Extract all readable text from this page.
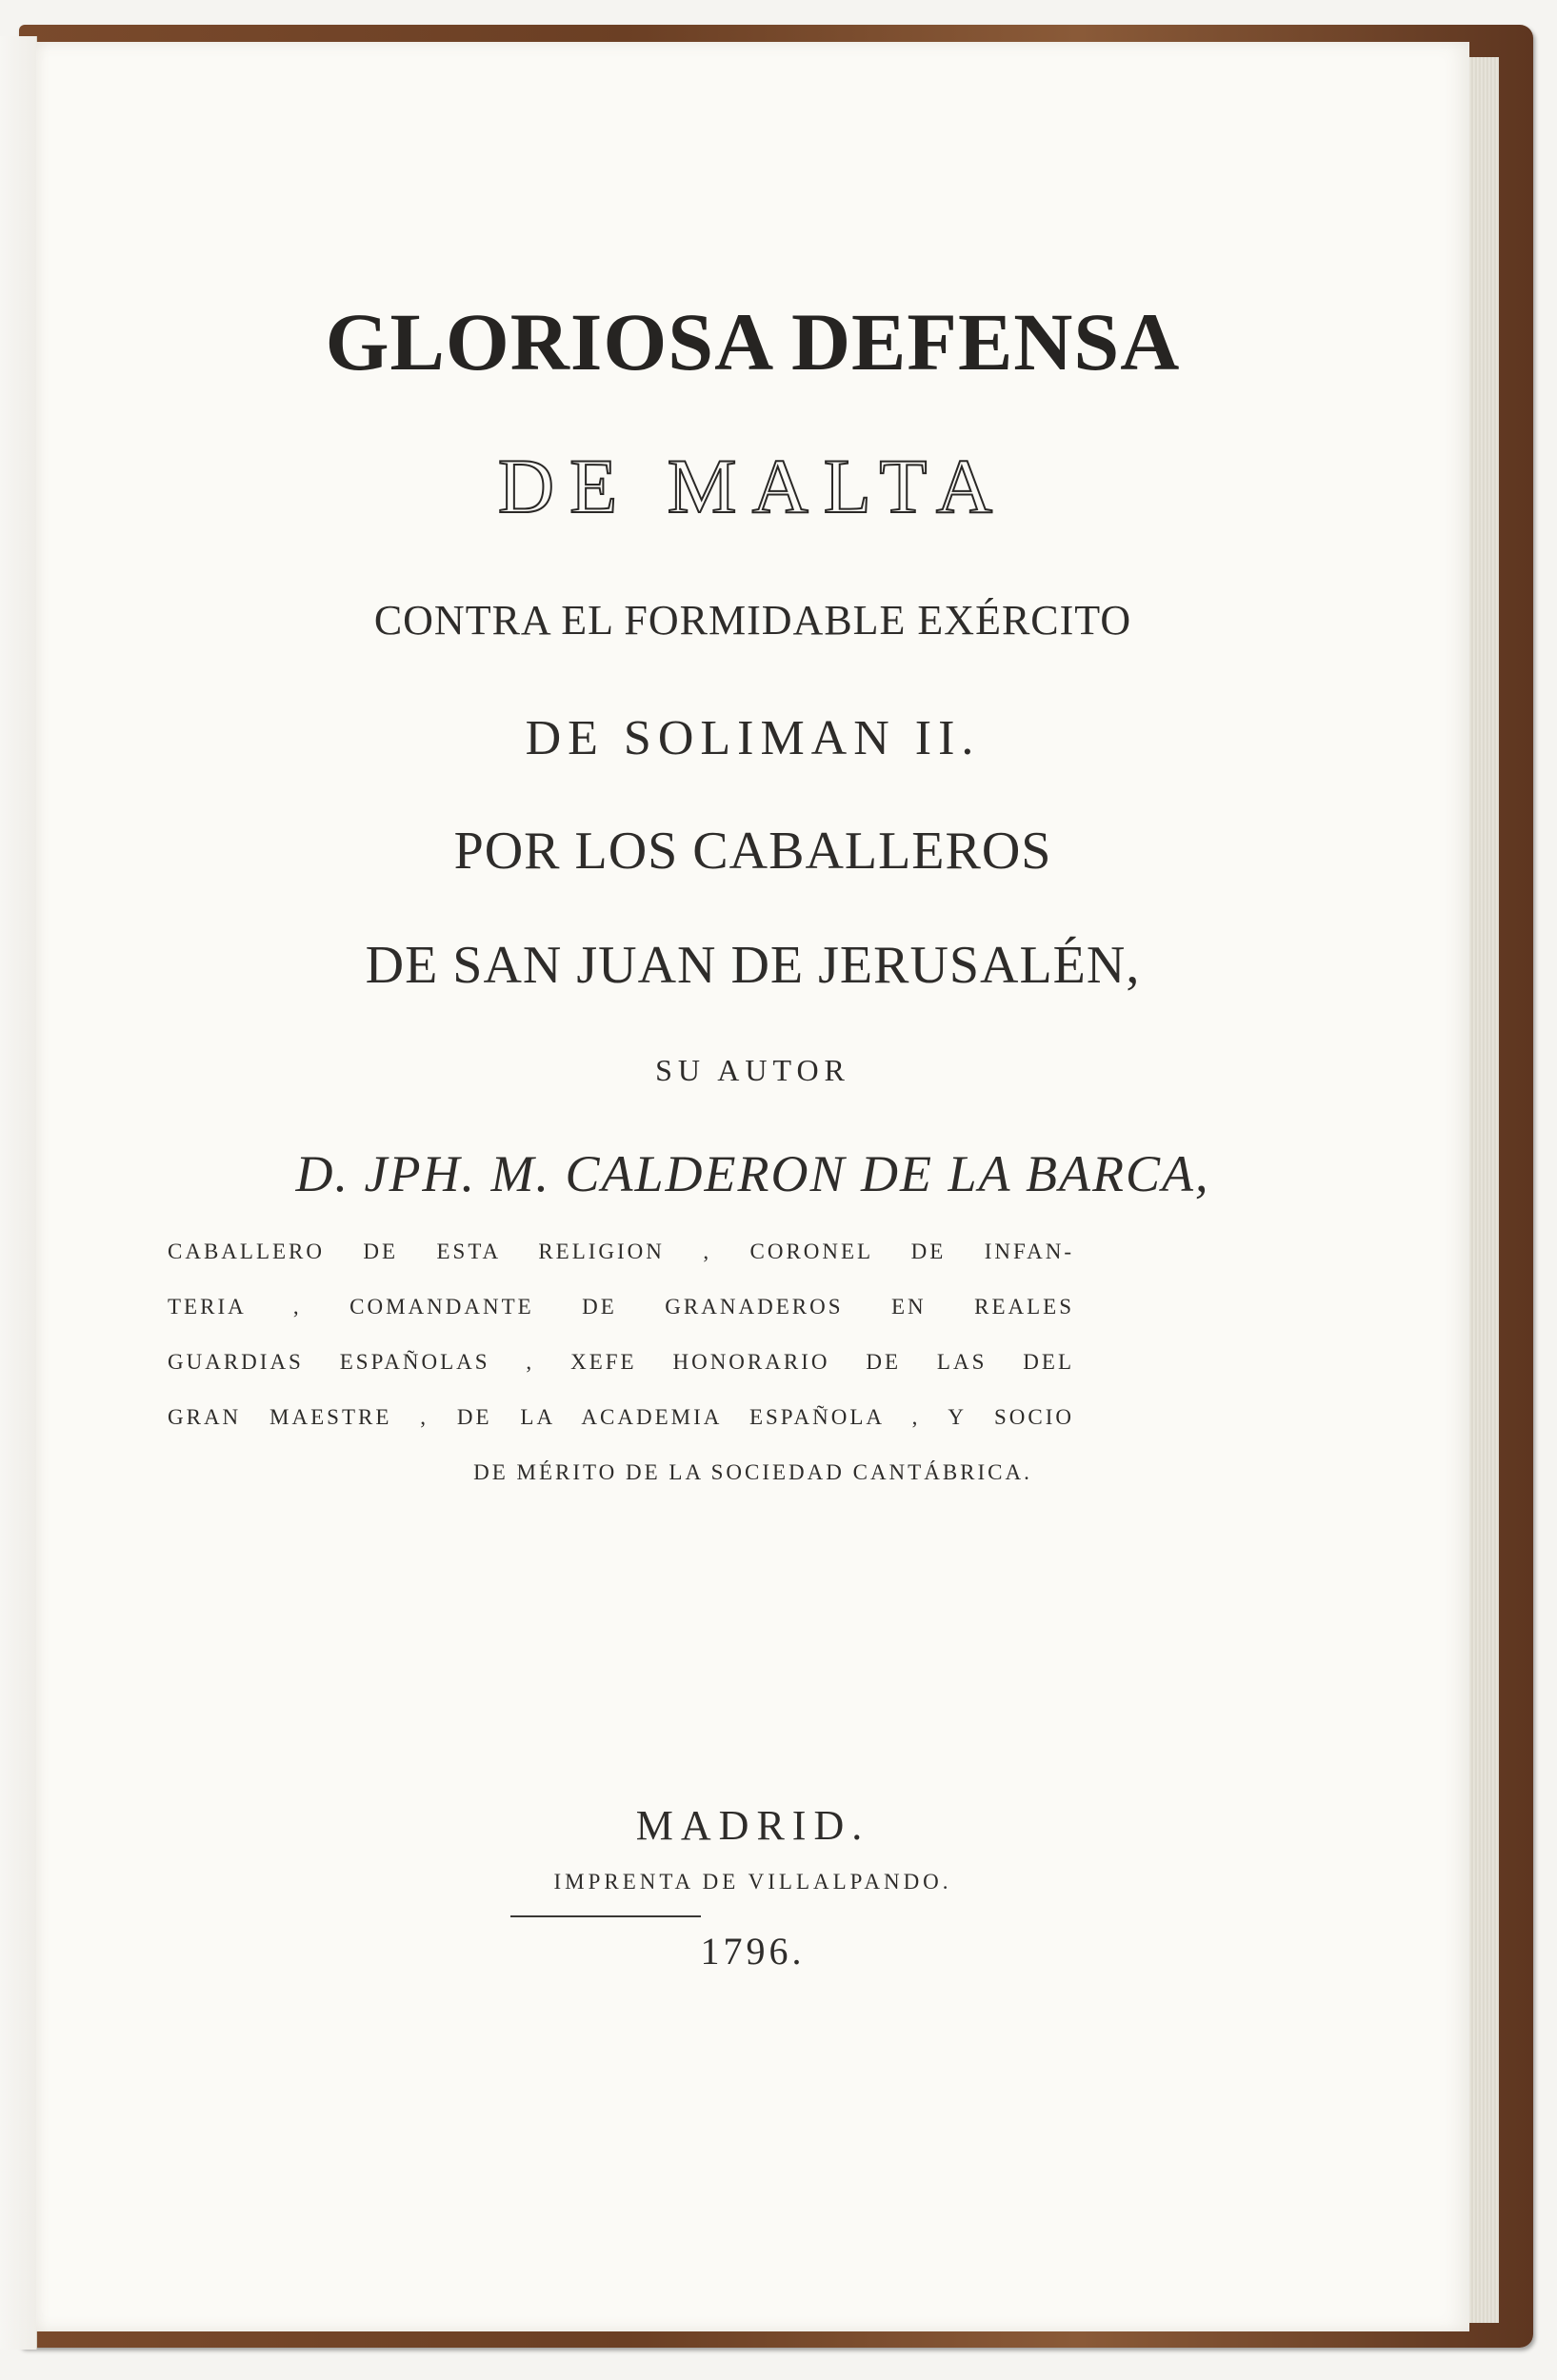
GLORIOSA DEFENSA
DE MALTA
CONTRA EL FORMIDABLE EXÉRCITO
DE SOLIMAN II.
POR LOS CABALLEROS
DE SAN JUAN DE JERUSALÉN,
SU AUTOR
D. JPH. M. CALDERON DE LA BARCA,
CABALLERO DE ESTA RELIGION , CORONEL DE INFAN-
TERIA , COMANDANTE DE GRANADEROS EN REALES
GUARDIAS ESPAÑOLAS , XEFE HONORARIO DE LAS DEL
GRAN MAESTRE , DE LA ACADEMIA ESPAÑOLA , Y SOCIO
DE MÉRITO DE LA SOCIEDAD CANTÁBRICA.
MADRID.
IMPRENTA DE VILLALPANDO.
1796.
